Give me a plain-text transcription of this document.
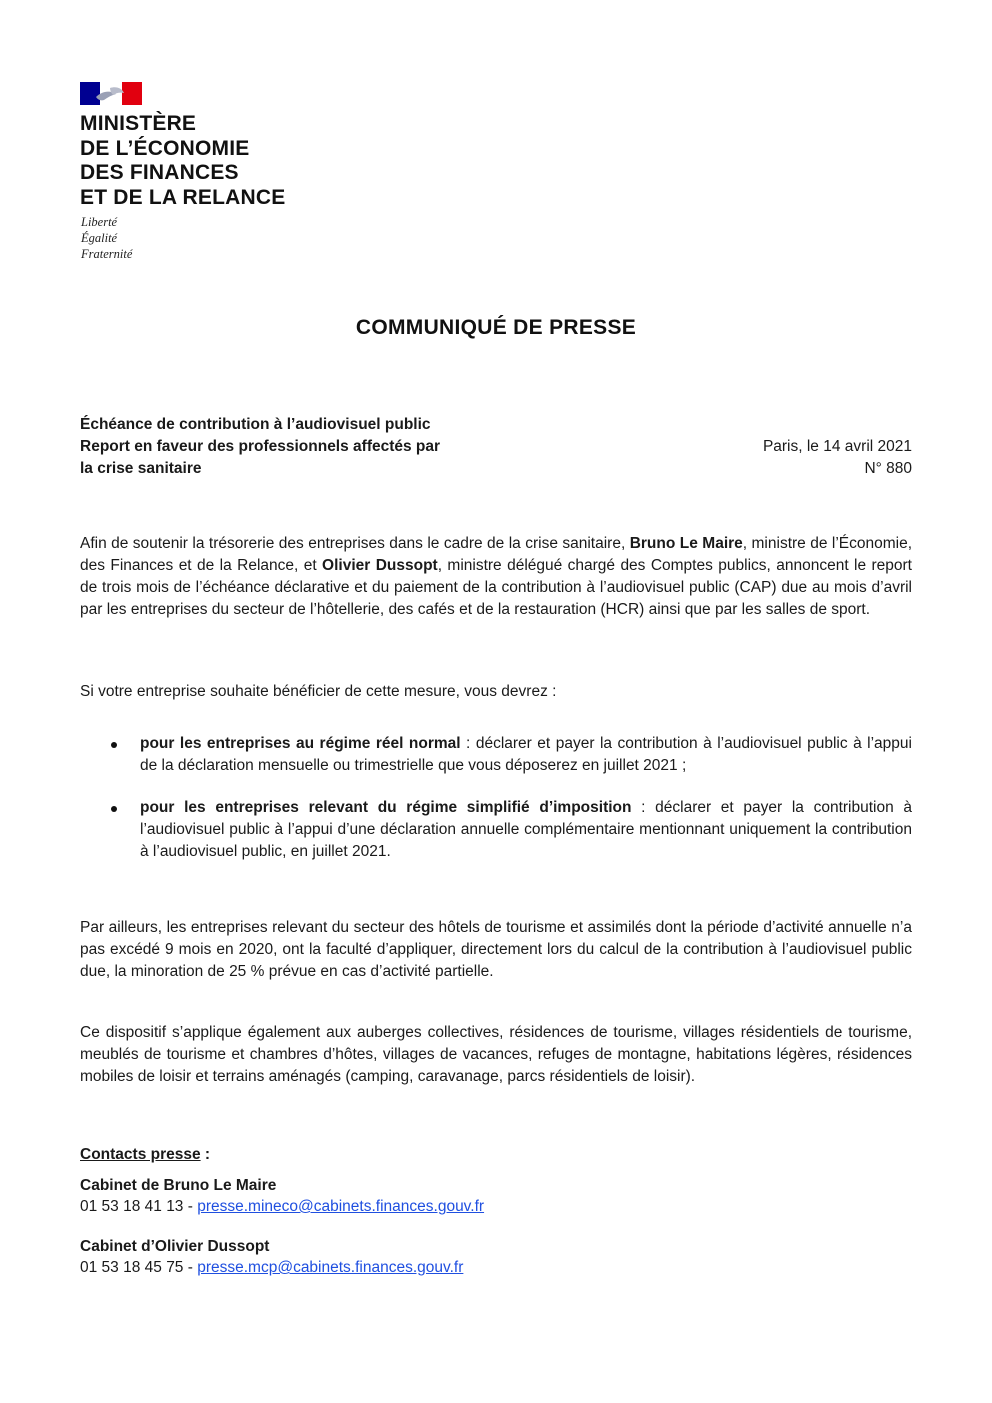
MINISTÈRE
DE L’ÉCONOMIE
DES FINANCES
ET DE LA RELANCE
Liberté
Égalité
Fraternité
COMMUNIQUÉ DE PRESSE
Échéance de contribution à l’audiovisuel public
Report en faveur des professionnels affectés par
la crise sanitaire
Paris, le 14 avril 2021
N° 880
Afin de soutenir la trésorerie des entreprises dans le cadre de la crise sanitaire, Bruno Le Maire, ministre de l’Économie, des Finances et de la Relance, et Olivier Dussopt, ministre délégué chargé des Comptes publics, annoncent le report de trois mois de l’échéance déclarative et du paiement de la contribution à l’audiovisuel public (CAP) due au mois d’avril par les entreprises du secteur de l’hôtellerie, des cafés et de la restauration (HCR) ainsi que par les salles de sport.
Si votre entreprise souhaite bénéficier de cette mesure, vous devrez :
pour les entreprises au régime réel normal : déclarer et payer la contribution à l’audiovisuel public à l’appui de la déclaration mensuelle ou trimestrielle que vous déposerez en juillet 2021 ;
pour les entreprises relevant du régime simplifié d’imposition : déclarer et payer la contribution à l’audiovisuel public à l’appui d’une déclaration annuelle complémentaire mentionnant uniquement la contribution à l’audiovisuel public, en juillet 2021.
Par ailleurs, les entreprises relevant du secteur des hôtels de tourisme et assimilés dont la période d’activité annuelle n’a pas excédé 9 mois en 2020, ont la faculté d’appliquer, directement lors du calcul de la contribution à l’audiovisuel public due, la minoration de 25 % prévue en cas d’activité partielle.
Ce dispositif s’applique également aux auberges collectives, résidences de tourisme, villages résidentiels de tourisme, meublés de tourisme et chambres d’hôtes, villages de vacances, refuges de montagne, habitations légères, résidences mobiles de loisir et terrains aménagés (camping, caravanage, parcs résidentiels de loisir).
Contacts presse :
Cabinet de Bruno Le Maire
01 53 18 41 13 - presse.mineco@cabinets.finances.gouv.fr
Cabinet d’Olivier Dussopt
01 53 18 45 75 - presse.mcp@cabinets.finances.gouv.fr
